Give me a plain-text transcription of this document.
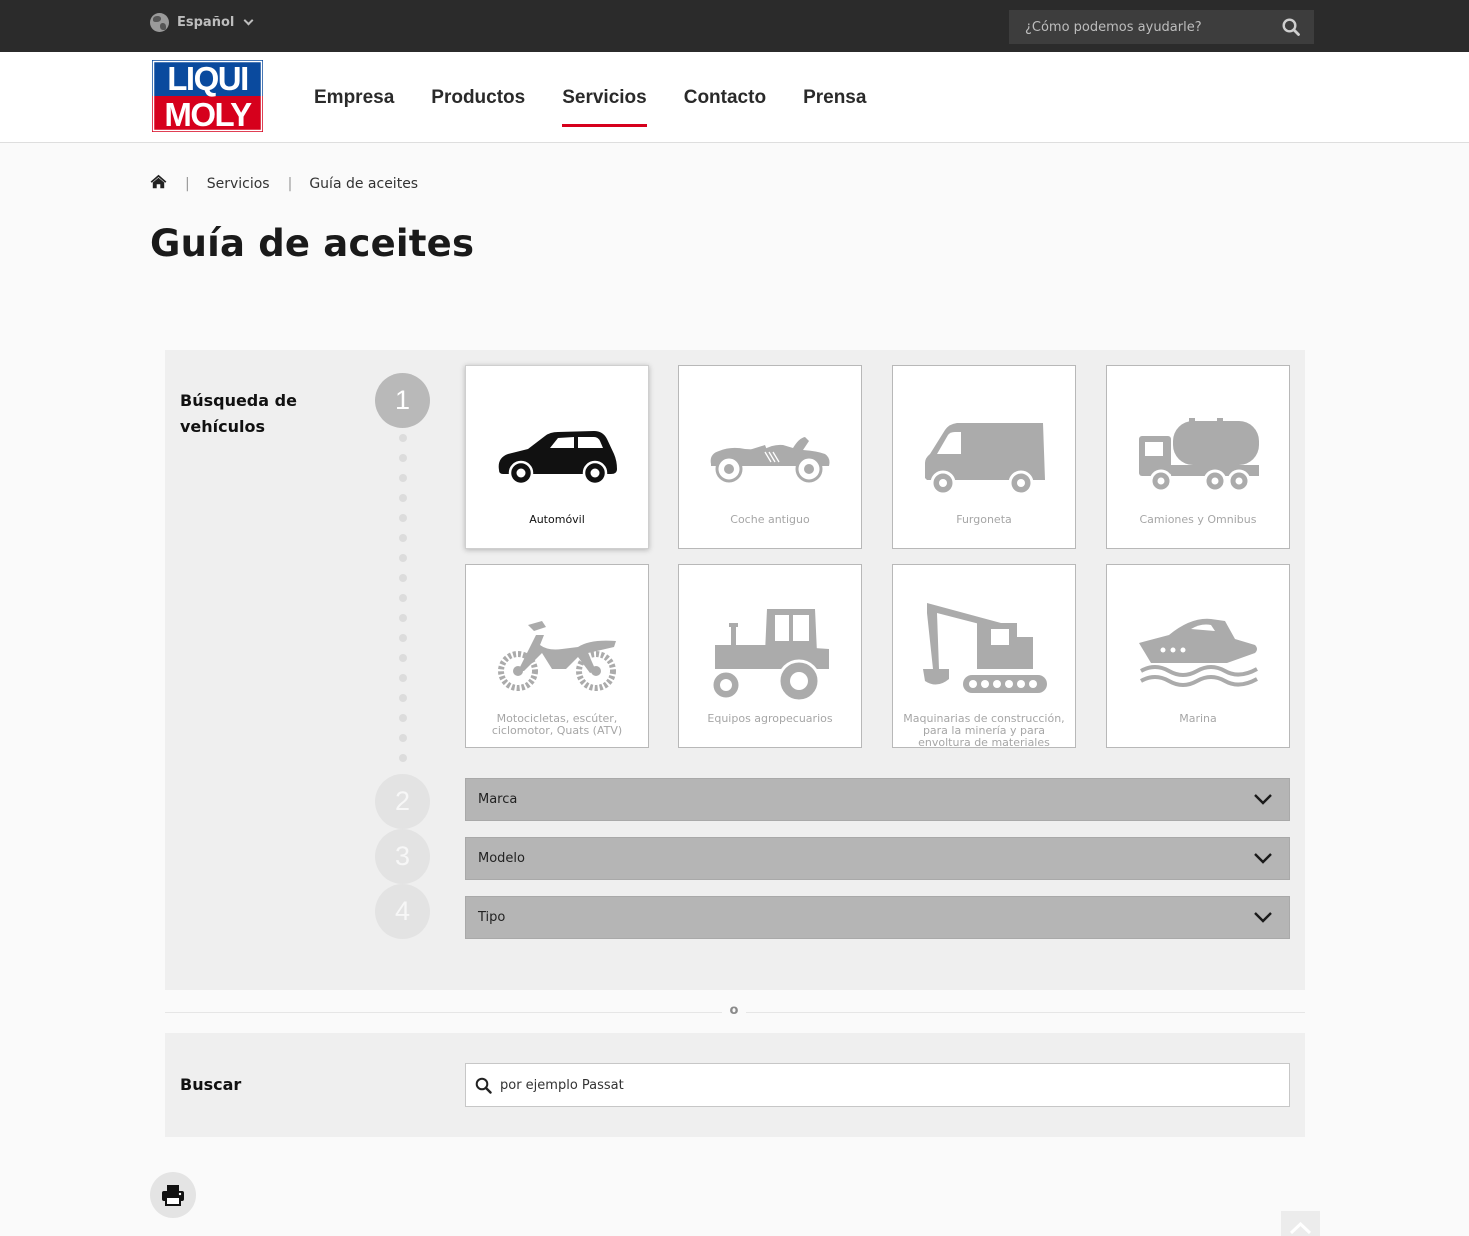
Español
¿Cómo podemos ayudarle?
LIQUI
MOLY	Empresa Productos Servicios Contacto Prensa
| Servicios | Guía de aceites
Guía de aceites
Búsqueda de vehículos
1
2
3
4
Automóvil	Coche antiguo	Furgoneta	Camiones y Omnibus
Motocicletas, escúter, ciclomotor, Quats (ATV)
Equipos agropecuarios	Maquinarias de construcción, para la minería y para envoltura de materiales
Marina
Marca
Modelo
Tipo
o
Buscar
por ejemplo Passat
